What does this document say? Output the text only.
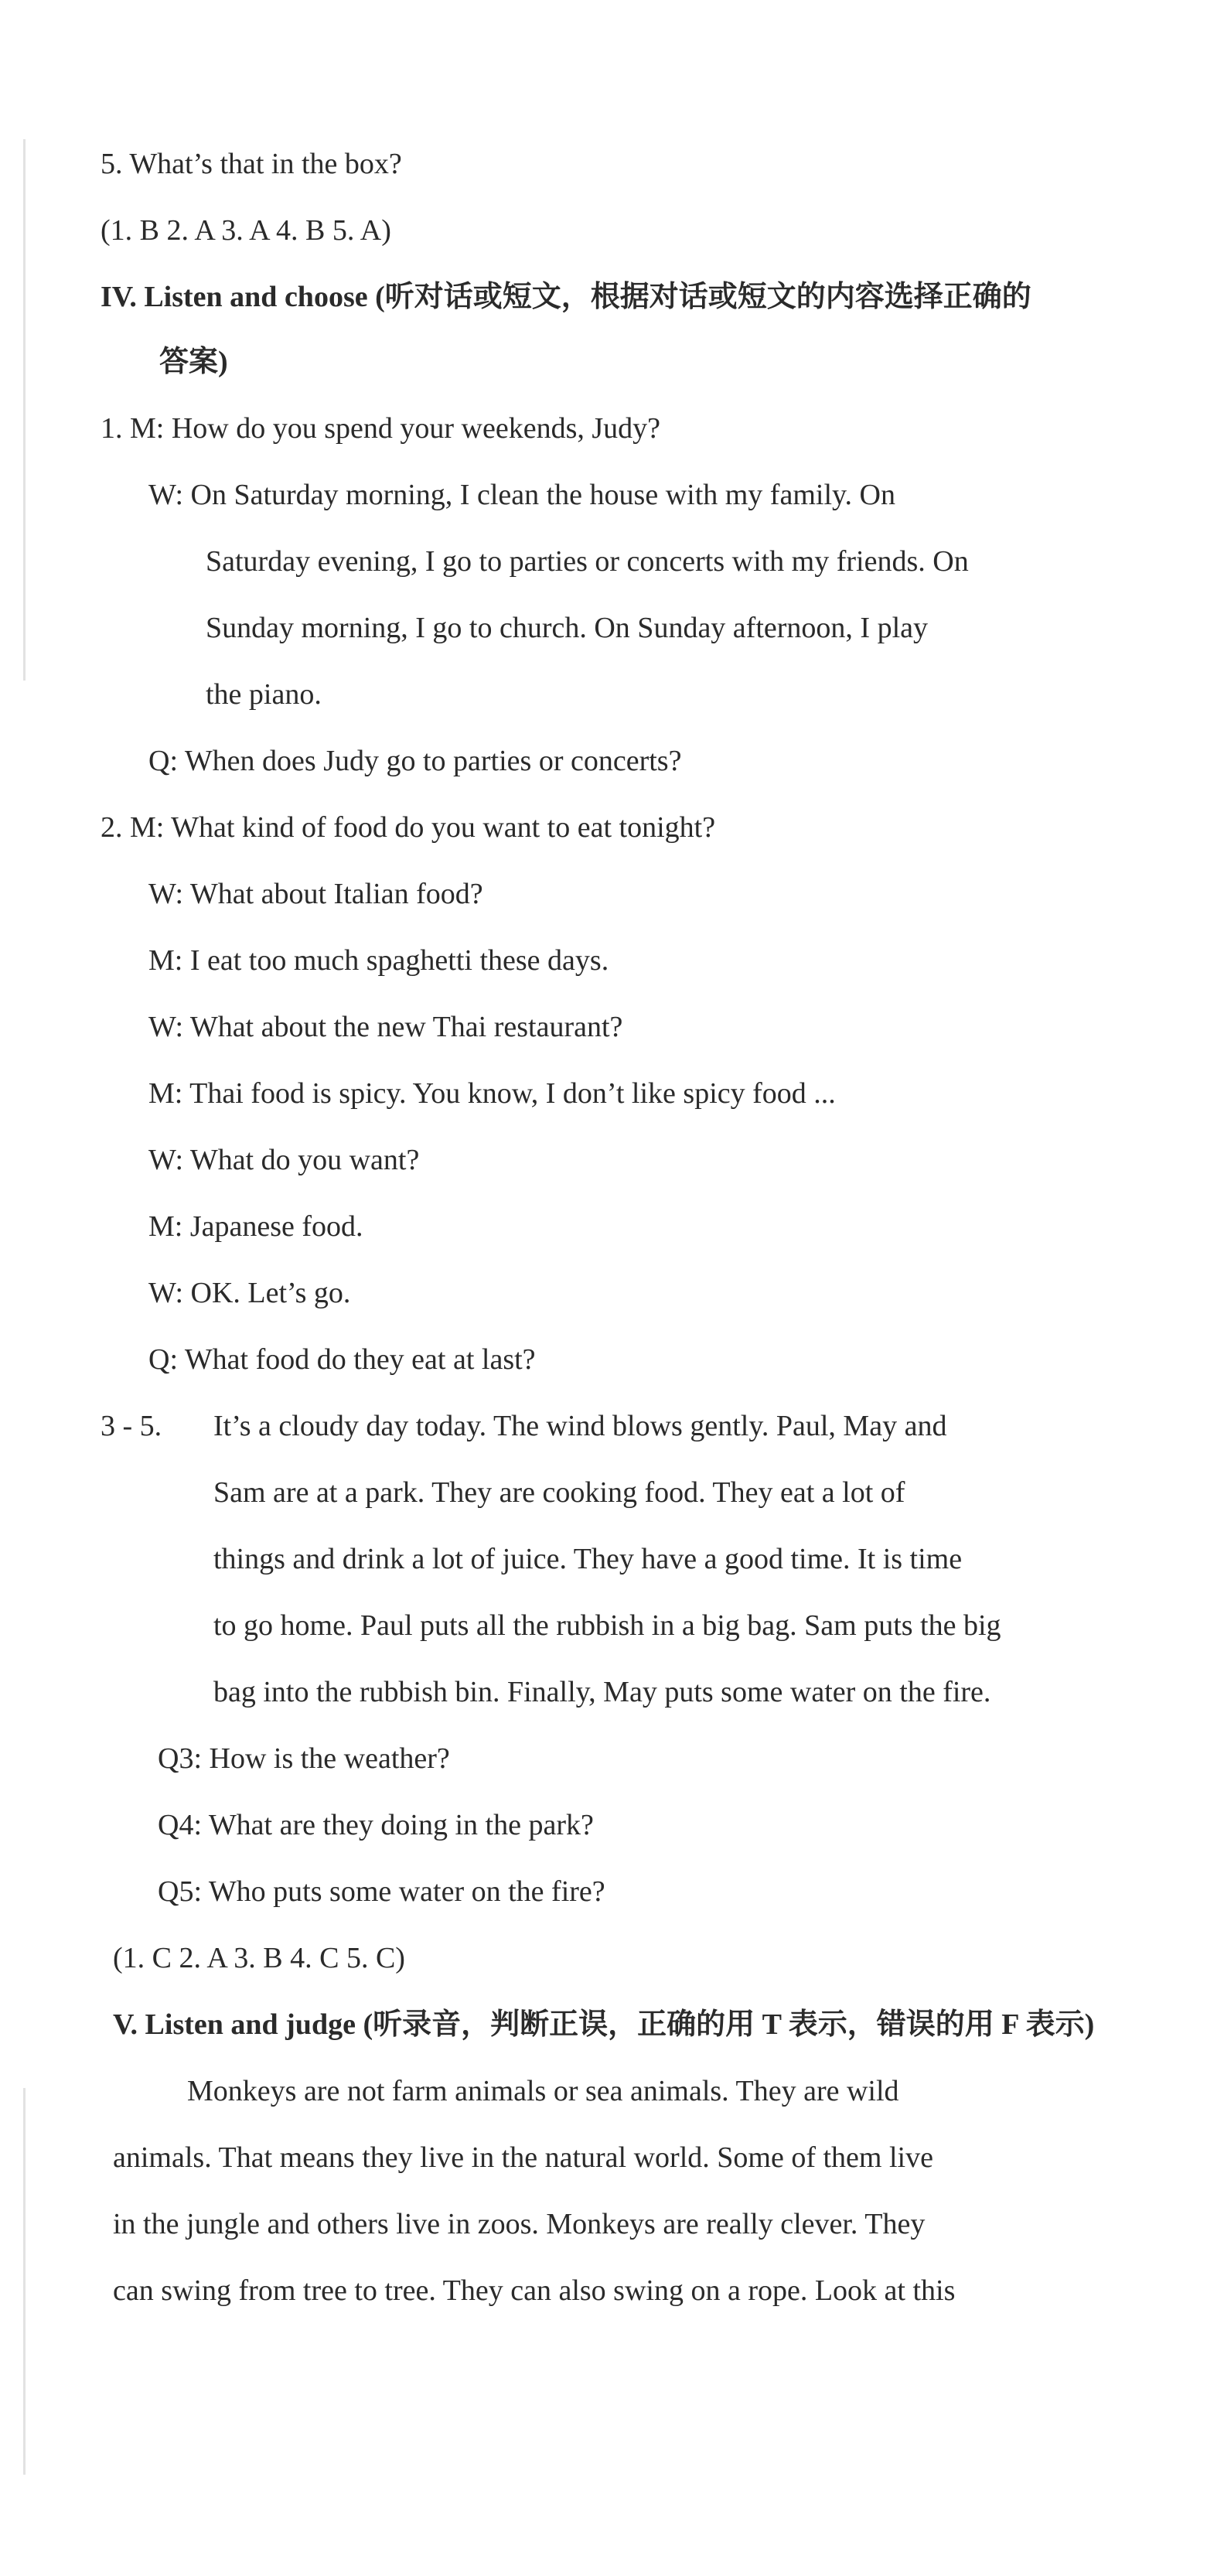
5. What’s that in the box?
(1. B 2. A 3. A 4. B 5. A)
IV. Listen and choose (听对话或短文，根据对话或短文的内容选择正确的
答案)
1. M: How do you spend your weekends, Judy?
W: On Saturday morning, I clean the house with my family. On
Saturday evening, I go to parties or concerts with my friends. On
Sunday morning, I go to church. On Sunday afternoon, I play
the piano.
Q: When does Judy go to parties or concerts?
2. M: What kind of food do you want to eat tonight?
W: What about Italian food?
M: I eat too much spaghetti these days.
W: What about the new Thai restaurant?
M: Thai food is spicy. You know, I don’t like spicy food ...
W: What do you want?
M: Japanese food.
W: OK. Let’s go.
Q: What food do they eat at last?
3 - 5. It’s a cloudy day today. The wind blows gently. Paul, May and
Sam are at a park. They are cooking food. They eat a lot of
things and drink a lot of juice. They have a good time. It is time
to go home. Paul puts all the rubbish in a big bag. Sam puts the big
bag into the rubbish bin. Finally, May puts some water on the fire.
Q3: How is the weather?
Q4: What are they doing in the park?
Q5: Who puts some water on the fire?
(1. C 2. A 3. B 4. C 5. C)
V. Listen and judge (听录音，判断正误，正确的用 T 表示，错误的用 F 表示)
Monkeys are not farm animals or sea animals. They are wild
animals. That means they live in the natural world. Some of them live
in the jungle and others live in zoos. Monkeys are really clever. They
can swing from tree to tree. They can also swing on a rope. Look at this
